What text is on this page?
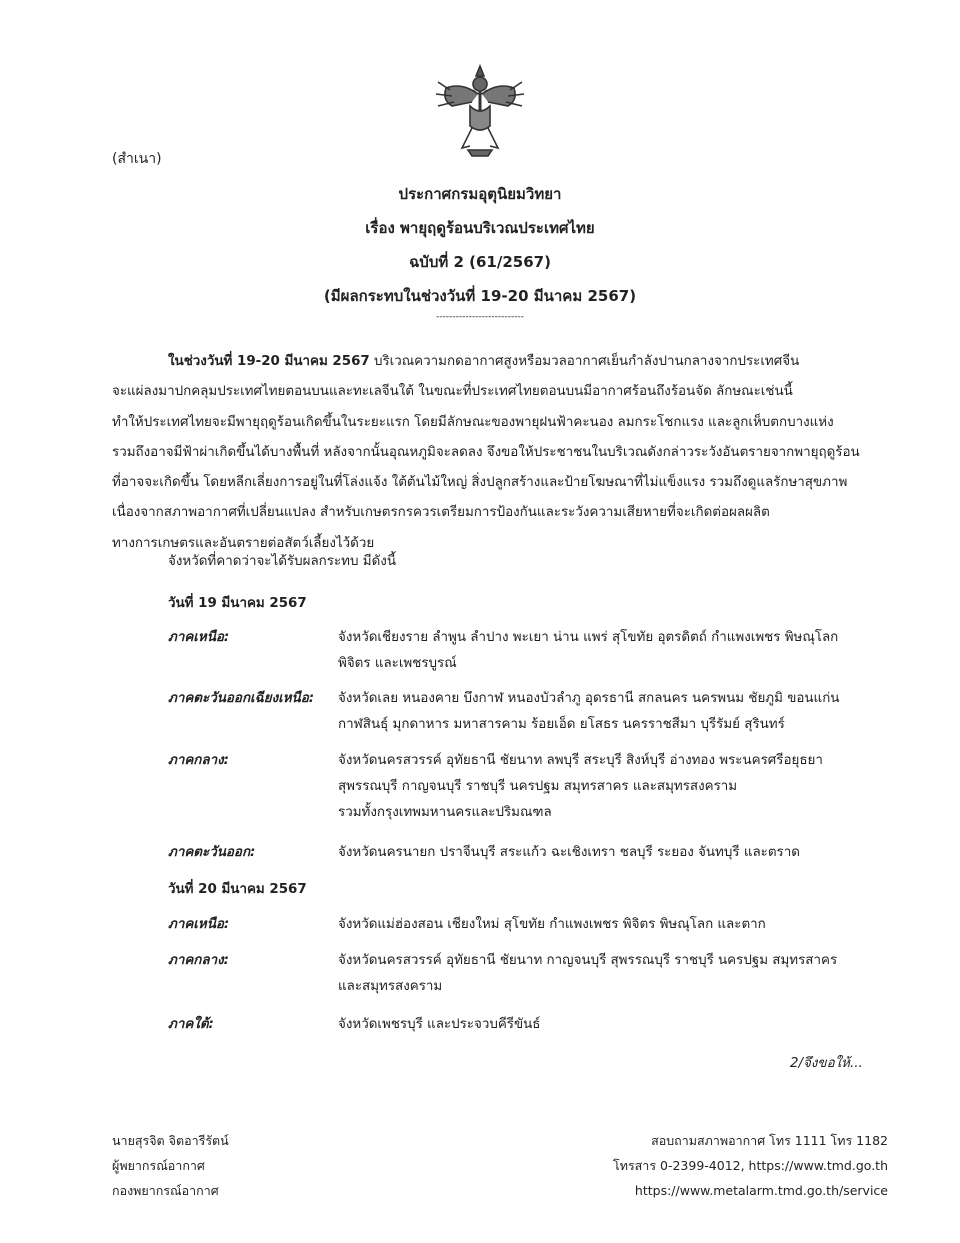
(สำเนา)
ประกาศกรมอุตุนิยมวิทยา
เรื่อง พายุฤดูร้อนบริเวณประเทศไทย
ฉบับที่ 2 (61/2567)
(มีผลกระทบในช่วงวันที่ 19-20 มีนาคม 2567)
---------------------------
ในช่วงวันที่ 19-20 มีนาคม 2567 บริเวณความกดอากาศสูงหรือมวลอากาศเย็นกำลังปานกลางจากประเทศจีน
จะแผ่ลงมาปกคลุมประเทศไทยตอนบนและทะเลจีนใต้ ในขณะที่ประเทศไทยตอนบนมีอากาศร้อนถึงร้อนจัด ลักษณะเช่นนี้
ทำให้ประเทศไทยจะมีพายุฤดูร้อนเกิดขึ้นในระยะแรก โดยมีลักษณะของพายุฝนฟ้าคะนอง ลมกระโชกแรง และลูกเห็บตกบางแห่ง
รวมถึงอาจมีฟ้าผ่าเกิดขึ้นได้บางพื้นที่ หลังจากนั้นอุณหภูมิจะลดลง จึงขอให้ประชาชนในบริเวณดังกล่าวระวังอันตรายจากพายุฤดูร้อน
ที่อาจจะเกิดขึ้น โดยหลีกเลี่ยงการอยู่ในที่โล่งแจ้ง ใต้ต้นไม้ใหญ่ สิ่งปลูกสร้างและป้ายโฆษณาที่ไม่แข็งแรง รวมถึงดูแลรักษาสุขภาพ
เนื่องจากสภาพอากาศที่เปลี่ยนแปลง สำหรับเกษตรกรควรเตรียมการป้องกันและระวังความเสียหายที่จะเกิดต่อผลผลิต
ทางการเกษตรและอันตรายต่อสัตว์เลี้ยงไว้ด้วย
จังหวัดที่คาดว่าจะได้รับผลกระทบ มีดังนี้
วันที่ 19 มีนาคม 2567
ภาคเหนือ:	จังหวัดเชียงราย ลำพูน ลำปาง พะเยา น่าน แพร่ สุโขทัย อุตรดิตถ์ กำแพงเพชร พิษณุโลก
พิจิตร และเพชรบูรณ์
ภาคตะวันออกเฉียงเหนือ:	จังหวัดเลย หนองคาย บึงกาฬ หนองบัวลำภู อุดรธานี สกลนคร นครพนม ชัยภูมิ ขอนแก่น
กาฬสินธุ์ มุกดาหาร มหาสารคาม ร้อยเอ็ด ยโสธร นครราชสีมา บุรีรัมย์ สุรินทร์
ภาคกลาง:	จังหวัดนครสวรรค์ อุทัยธานี ชัยนาท ลพบุรี สระบุรี สิงห์บุรี อ่างทอง พระนครศรีอยุธยา
สุพรรณบุรี กาญจนบุรี ราชบุรี นครปฐม สมุทรสาคร และสมุทรสงคราม
รวมทั้งกรุงเทพมหานครและปริมณฑล
ภาคตะวันออก:	จังหวัดนครนายก ปราจีนบุรี สระแก้ว ฉะเชิงเทรา ชลบุรี ระยอง จันทบุรี และตราด
วันที่ 20 มีนาคม 2567
ภาคเหนือ:	จังหวัดแม่ฮ่องสอน เชียงใหม่ สุโขทัย กำแพงเพชร พิจิตร พิษณุโลก และตาก
ภาคกลาง:	จังหวัดนครสวรรค์ อุทัยธานี ชัยนาท กาญจนบุรี สุพรรณบุรี ราชบุรี นครปฐม สมุทรสาคร
และสมุทรสงคราม
ภาคใต้:	จังหวัดเพชรบุรี และประจวบคีรีขันธ์
2/จึงขอให้...
นายสุรจิต จิตอารีรัตน์
ผู้พยากรณ์อากาศ
กองพยากรณ์อากาศ
สอบถามสภาพอากาศ โทร 1111 โทร 1182
โทรสาร 0-2399-4012, https://www.tmd.go.th
https://www.metalarm.tmd.go.th/service
